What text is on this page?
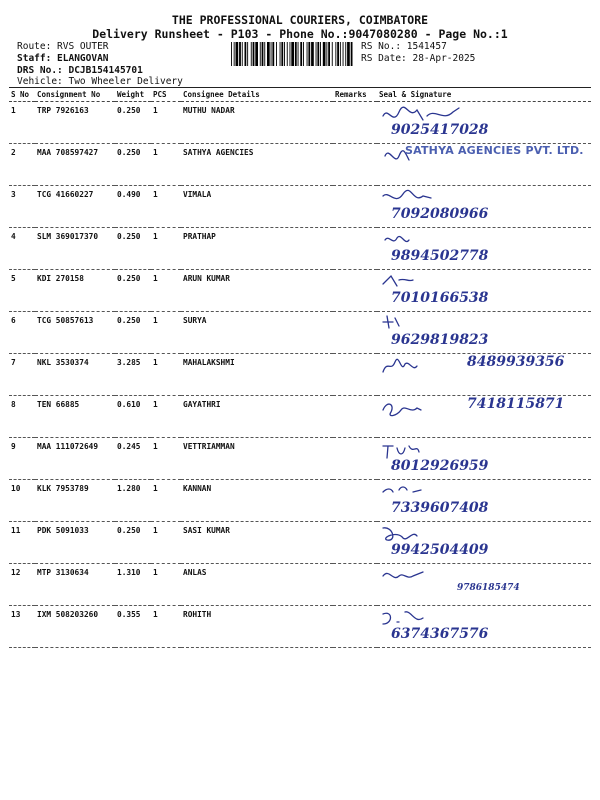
THE PROFESSIONAL COURIERS, COIMBATORE
Delivery Runsheet - P103 - Phone No.:9047080280 - Page No.:1
Route: RVS OUTER
Staff: ELANGOVAN
DRS No.: DCJB154145701
Vehicle: Two Wheeler Delivery
RS No.: 1541457
RS Date: 28-Apr-2025
S No	Consignment No	Weight	PCS	Consignee Details	Remarks	Seal & Signature
1	TRP 7926163	0.250	1	MUTHU NADAR		9025417028

2	MAA 708597427	0.250	1	SATHYA AGENCIES		SATHYA AGENCIES PVT. LTD.

3	TCG 41660227	0.490	1	VIMALA		7092080966

4	SLM 369017370	0.250	1	PRATHAP		9894502778

5	KDI 270158	0.250	1	ARUN KUMAR		7010166538

6	TCG 50857613	0.250	1	SURYA		9629819823

7	NKL 3530374	3.285	1	MAHALAKSHMI		8489939356

8	TEN 66885	0.610	1	GAYATHRI		7418115871

9	MAA 111072649	0.245	1	VETTRIAMMAN		8012926959

10	KLK 7953789	1.280	1	KANNAN		7339607408

11	PDK 5091033	0.250	1	SASI KUMAR		9942504409

12	MTP 3130634	1.310	1	ANLAS		9786185474

13	IXM 508203260	0.355	1	ROHITH		6374367576
